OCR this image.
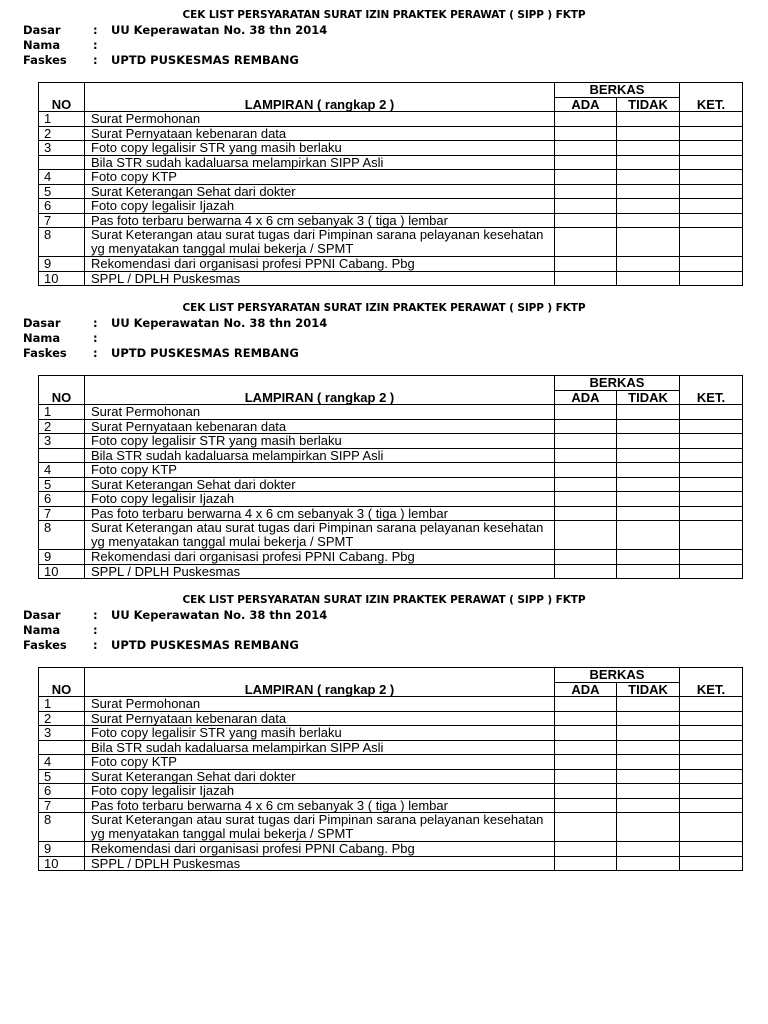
CEK LIST PERSYARATAN SURAT IZIN PRAKTEK PERAWAT ( SIPP ) FKTP
Dasar	: UU Keperawatan No. 38 thn 2014
Nama	:
Faskes : UPTD PUSKESMAS REMBANG
NO	LAMPIRAN ( rangkap 2 )	BERKAS		KET.
		ADA	TIDAK	
1	Surat Permohonan			
2	Surat Pernyataan kebenaran data			
3	Foto copy legalisir STR yang masih berlaku			
	Bila STR sudah kadaluarsa melampirkan SIPP Asli			
4	Foto copy KTP			
5	Surat Keterangan Sehat dari dokter			
6	Foto copy legalisir Ijazah			
7	Pas foto terbaru berwarna 4 x 6 cm sebanyak 3 ( tiga ) lembar			
8	Surat Keterangan atau surat tugas dari Pimpinan sarana pelayanan kesehatan yg menyatakan tanggal mulai bekerja / SPMT			
9	Rekomendasi dari organisasi profesi PPNI Cabang. Pbg			
10	SPPL / DPLH Puskesmas			
CEK LIST PERSYARATAN SURAT IZIN PRAKTEK PERAWAT ( SIPP ) FKTP
Dasar	: UU Keperawatan No. 38 thn 2014
Nama	:
Faskes : UPTD PUSKESMAS REMBANG
NO	LAMPIRAN ( rangkap 2 )	BERKAS		KET.
		ADA	TIDAK	
1	Surat Permohonan			
2	Surat Pernyataan kebenaran data			
3	Foto copy legalisir STR yang masih berlaku			
	Bila STR sudah kadaluarsa melampirkan SIPP Asli			
4	Foto copy KTP			
5	Surat Keterangan Sehat dari dokter			
6	Foto copy legalisir Ijazah			
7	Pas foto terbaru berwarna 4 x 6 cm sebanyak 3 ( tiga ) lembar			
8	Surat Keterangan atau surat tugas dari Pimpinan sarana pelayanan kesehatan yg menyatakan tanggal mulai bekerja / SPMT			
9	Rekomendasi dari organisasi profesi PPNI Cabang. Pbg			
10	SPPL / DPLH Puskesmas			
CEK LIST PERSYARATAN SURAT IZIN PRAKTEK PERAWAT ( SIPP ) FKTP
Dasar	: UU Keperawatan No. 38 thn 2014
Nama	:
Faskes : UPTD PUSKESMAS REMBANG
NO	LAMPIRAN ( rangkap 2 )	BERKAS		KET.
		ADA	TIDAK	
1	Surat Permohonan			
2	Surat Pernyataan kebenaran data			
3	Foto copy legalisir STR yang masih berlaku			
	Bila STR sudah kadaluarsa melampirkan SIPP Asli			
4	Foto copy KTP			
5	Surat Keterangan Sehat dari dokter			
6	Foto copy legalisir Ijazah			
7	Pas foto terbaru berwarna 4 x 6 cm sebanyak 3 ( tiga ) lembar			
8	Surat Keterangan atau surat tugas dari Pimpinan sarana pelayanan kesehatan yg menyatakan tanggal mulai bekerja / SPMT			
9	Rekomendasi dari organisasi profesi PPNI Cabang. Pbg			
10	SPPL / DPLH Puskesmas			
